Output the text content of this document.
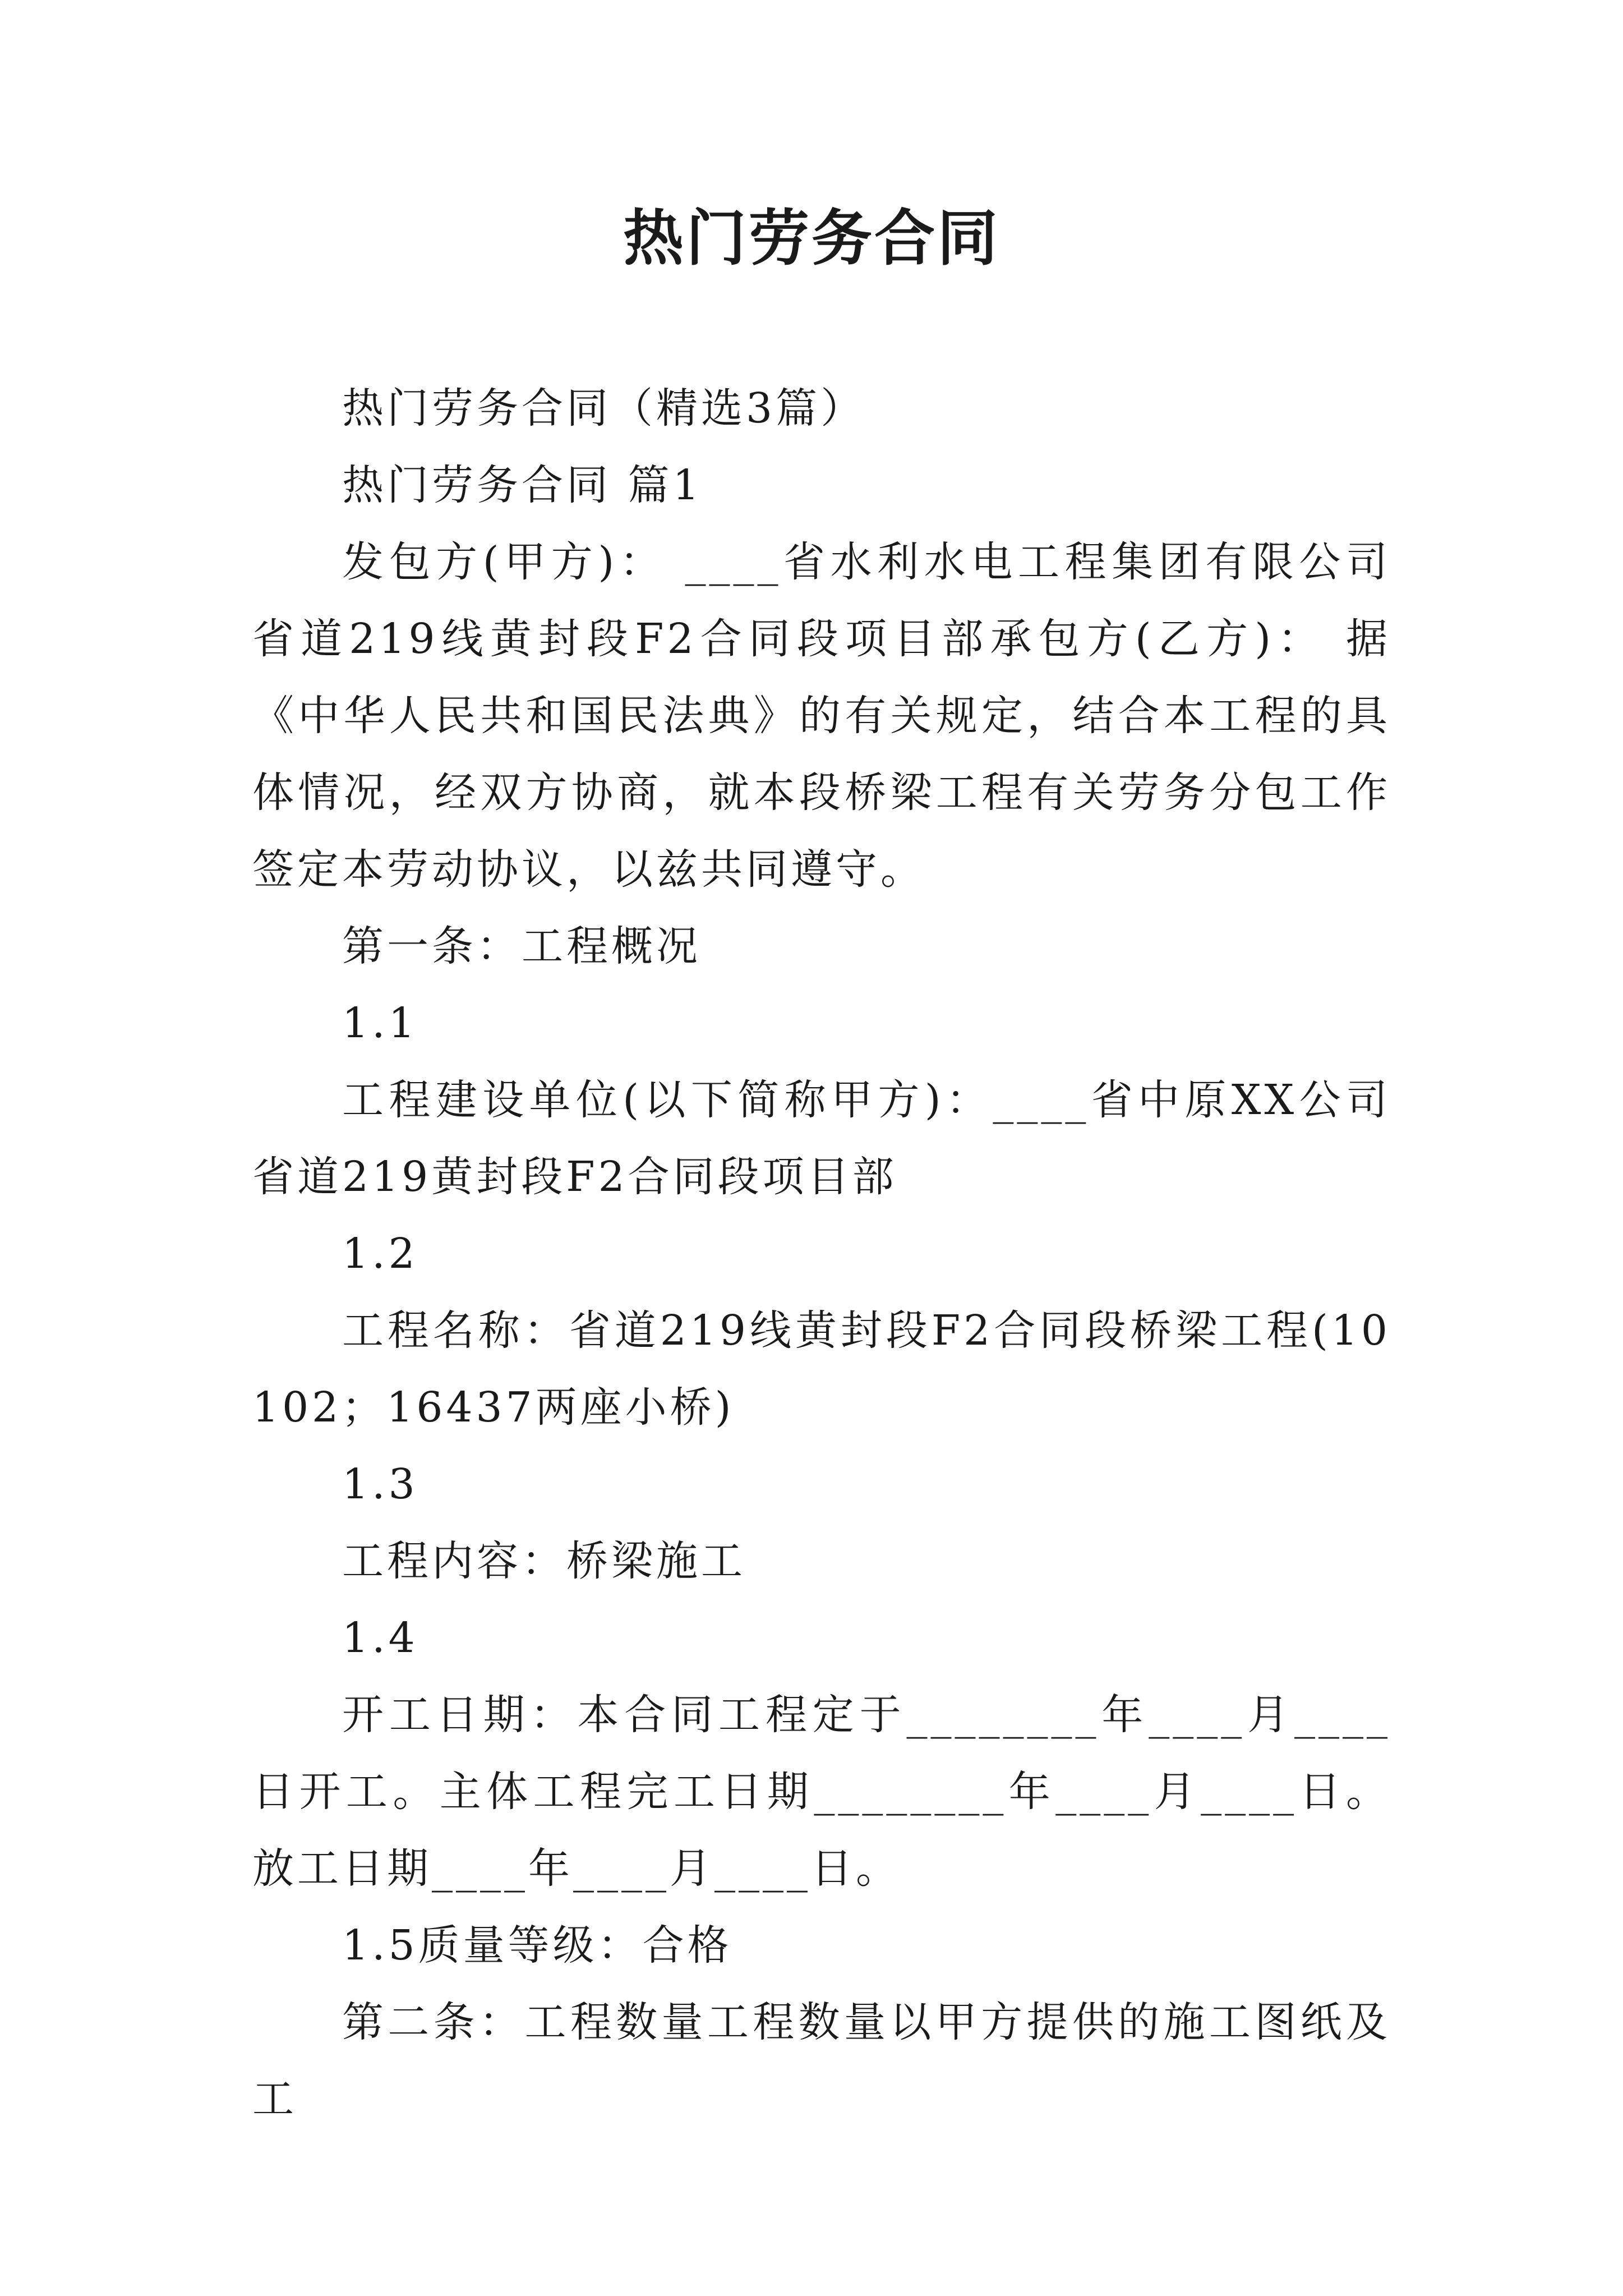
热门劳务合同

热门劳务合同（精选3篇）

热门劳务合同 篇1

发包方(甲方)： ____省水利水电工程集团有限公司省道219线黄封段F2合同段项目部承包方(乙方)： 据《中华人民共和国民法典》的有关规定，结合本工程的具体情况，经双方协商，就本段桥梁工程有关劳务分包工作签定本劳动协议，以兹共同遵守。

第一条：工程概况

1.1

工程建设单位(以下简称甲方)：____省中原XX公司省道219黄封段F2合同段项目部

1.2

工程名称：省道219线黄封段F2合同段桥梁工程(10102；16437两座小桥)

1.3

工程内容：桥梁施工

1.4

开工日期：本合同工程定于________年____月____日开工。主体工程完工日期________年____月____日。放工日期____年____月____日。

1.5质量等级：合格

第二条：工程数量工程数量以甲方提供的施工图纸及工
